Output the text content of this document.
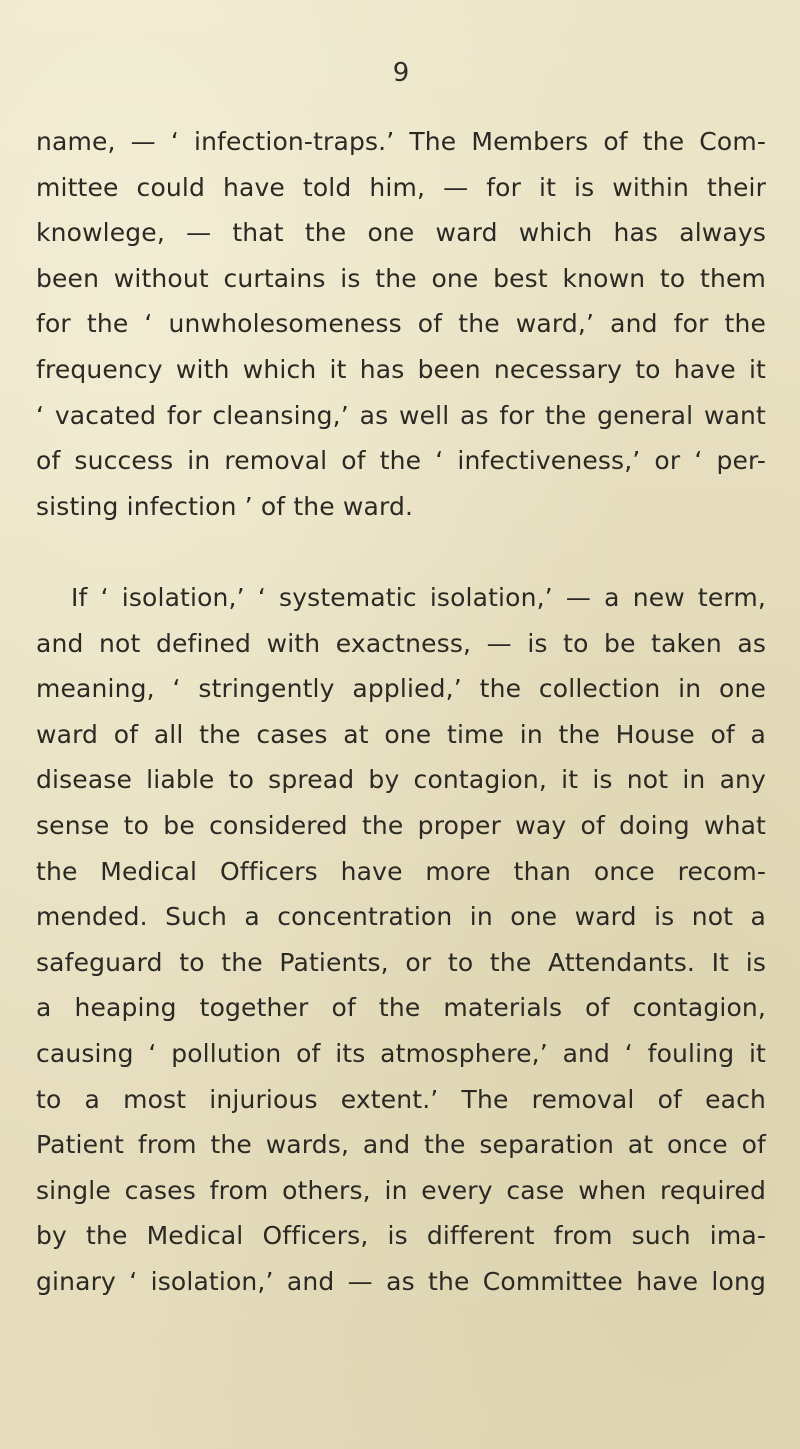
9
name, — ‘ infection-traps.’ The Members of the Com-
mittee could have told him, — for it is within their
knowlege, — that the one ward which has always
been without curtains is the one best known to them
for the ‘ unwholesomeness of the ward,’ and for the
frequency with which it has been necessary to have it
‘ vacated for cleansing,’ as well as for the general want
of success in removal of the ‘ infectiveness,’ or ‘ per-
sisting infection ’ of the ward.
If ‘ isolation,’ ‘ systematic isolation,’ — a new term,
and not defined with exactness, — is to be taken as
meaning, ‘ stringently applied,’ the collection in one
ward of all the cases at one time in the House of a
disease liable to spread by contagion, it is not in any
sense to be considered the proper way of doing what
the Medical Officers have more than once recom-
mended. Such a concentration in one ward is not a
safeguard to the Patients, or to the Attendants. It is
a heaping together of the materials of contagion,
causing ‘ pollution of its atmosphere,’ and ‘ fouling it
to a most injurious extent.’ The removal of each
Patient from the wards, and the separation at once of
single cases from others, in every case when required
by the Medical Officers, is different from such ima-
ginary ‘ isolation,’ and — as the Committee have long
